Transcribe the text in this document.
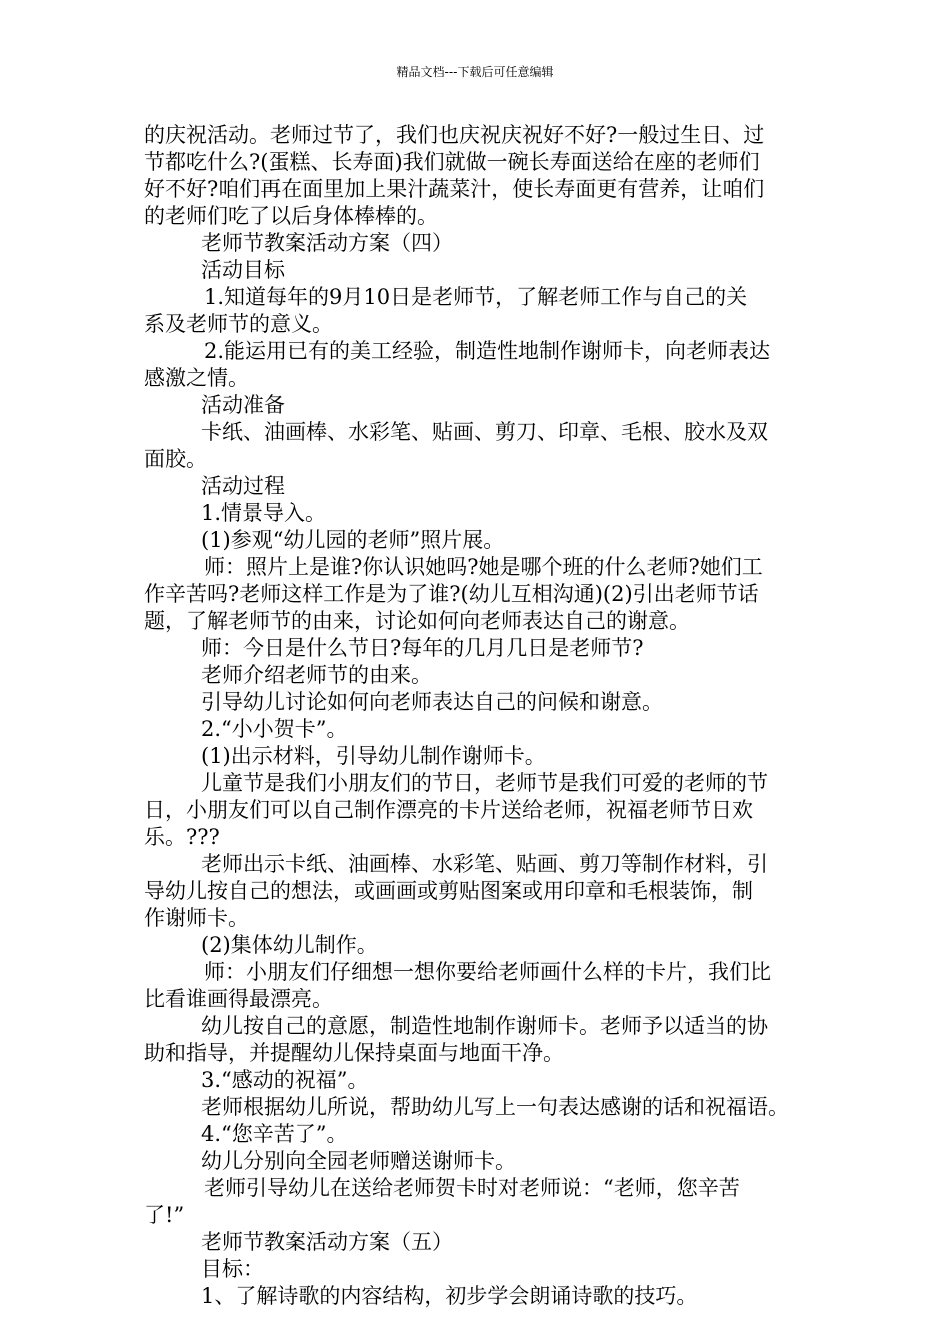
精品文档---下载后可任意编辑
的庆祝活动。老师过节了，我们也庆祝庆祝好不好?一般过生日、过
节都吃什么?(蛋糕、长寿面)我们就做一碗长寿面送给在座的老师们
好不好?咱们再在面里加上果汁蔬菜汁，使长寿面更有营养，让咱们
的老师们吃了以后身体棒棒的。
老师节教案活动方案（四）
活动目标
1.知道每年的9月10日是老师节，了解老师工作与自己的关
系及老师节的意义。
2.能运用已有的美工经验，制造性地制作谢师卡，向老师表达
感激之情。
活动准备
卡纸、油画棒、水彩笔、贴画、剪刀、印章、毛根、胶水及双
面胶。
活动过程
1.情景导入。
(1)参观“幼儿园的老师”照片展。
师：照片上是谁?你认识她吗?她是哪个班的什么老师?她们工
作辛苦吗?老师这样工作是为了谁?(幼儿互相沟通)(2)引出老师节话
题，了解老师节的由来，讨论如何向老师表达自己的谢意。
师：今日是什么节日?每年的几月几日是老师节?
老师介绍老师节的由来。
引导幼儿讨论如何向老师表达自己的问候和谢意。
2.“小小贺卡”。
(1)出示材料，引导幼儿制作谢师卡。
儿童节是我们小朋友们的节日，老师节是我们可爱的老师的节
日，小朋友们可以自己制作漂亮的卡片送给老师，祝福老师节日欢
乐。???
老师出示卡纸、油画棒、水彩笔、贴画、剪刀等制作材料，引
导幼儿按自己的想法，或画画或剪贴图案或用印章和毛根装饰，制
作谢师卡。
(2)集体幼儿制作。
师：小朋友们仔细想一想你要给老师画什么样的卡片，我们比
比看谁画得最漂亮。
幼儿按自己的意愿，制造性地制作谢师卡。老师予以适当的协
助和指导，并提醒幼儿保持桌面与地面干净。
3.“感动的祝福”。
老师根据幼儿所说，帮助幼儿写上一句表达感谢的话和祝福语。
4.“您辛苦了”。
幼儿分别向全园老师赠送谢师卡。
老师引导幼儿在送给老师贺卡时对老师说：“老师，您辛苦
了!”
老师节教案活动方案（五）
目标：
1、了解诗歌的内容结构，初步学会朗诵诗歌的技巧。
